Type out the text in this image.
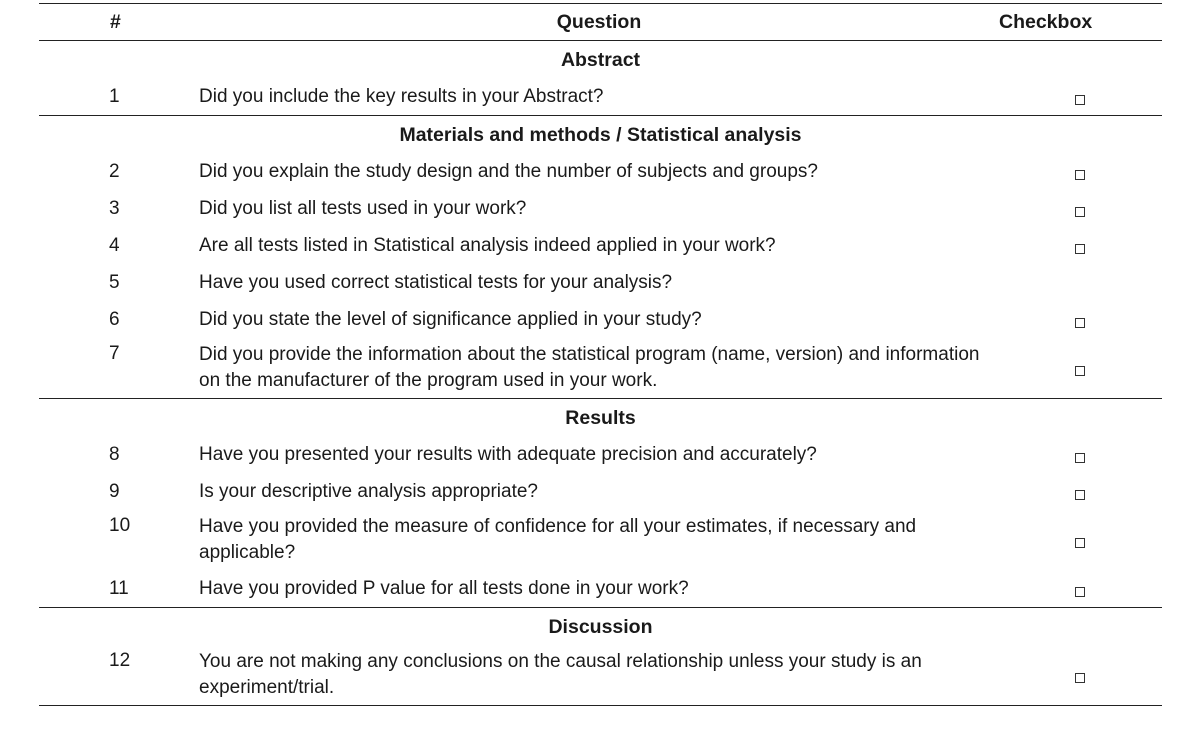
#	Question	Checkbox
Abstract		
1	Did you include the key results in your Abstract?	
Materials and methods / Statistical analysis		
2	Did you explain the study design and the number of subjects and groups?	
3	Did you list all tests used in your work?	
4	Are all tests listed in Statistical analysis indeed applied in your work?	
5	Have you used correct statistical tests for your analysis?	
6	Did you state the level of significance applied in your study?	
7	Did you provide the information about the statistical program (name, version) and information on the manufacturer of the program used in your work.	
Results		
8	Have you presented your results with adequate precision and accurately?	
9	Is your descriptive analysis appropriate?	
10	Have you provided the measure of confidence for all your estimates, if necessary and applicable?	
11	Have you provided P value for all tests done in your work?	
Discussion		
12	You are not making any conclusions on the causal relationship unless your study is an experiment/trial.	
